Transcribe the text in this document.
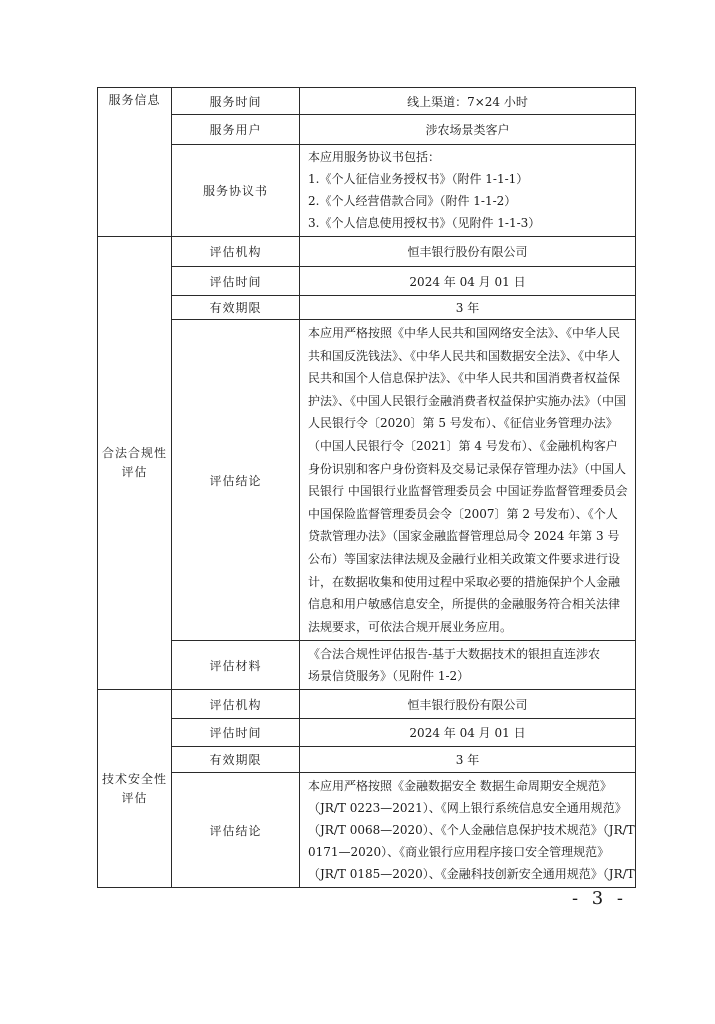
服务信息	服务时间	线上渠道：7×24 小时
	服务用户	涉农场景类客户
	服务协议书	本应用服务协议书包括：
1.《个人征信业务授权书》（附件 1-1-1）
2.《个人经营借款合同》（附件 1-1-2）
3.《个人信息使用授权书》（见附件 1-1-3）

合法合规性评估	评估机构	恒丰银行股份有限公司
	评估时间	2024 年 04 月 01 日
	有效期限	3 年
	评估结论	本应用严格按照《中华人民共和国网络安全法》、《中华人民共和国反洗钱法》、《中华人民共和国数据安全法》、《中华人民共和国个人信息保护法》、《中华人民共和国消费者权益保护法》、《中国人民银行金融消费者权益保护实施办法》（中国人民银行令〔2020〕第 5 号发布）、《征信业务管理办法》（中国人民银行令〔2021〕第 4 号发布）、《金融机构客户身份识别和客户身份资料及交易记录保存管理办法》（中国人民银行 中国银行业监督管理委员会 中国证券监督管理委员会 中国保险监督管理委员会令〔2007〕第 2 号发布）、《个人贷款管理办法》（国家金融监督管理总局令 2024 年第 3 号公布）等国家法律法规及金融行业相关政策文件要求进行设计，在数据收集和使用过程中采取必要的措施保护个人金融信息和用户敏感信息安全，所提供的金融服务符合相关法律法规要求，可依法合规开展业务应用。
	评估材料	《合法合规性评估报告-基于大数据技术的银担直连涉农
场景信贷服务》（见附件 1-2）

技术安全性评估	评估机构	恒丰银行股份有限公司
	评估时间	2024 年 04 月 01 日
	有效期限	3 年
	评估结论	本应用严格按照《金融数据安全 数据生命周期安全规范》
（JR/T 0223—2021）、《网上银行系统信息安全通用规范》
（JR/T 0068—2020）、《个人金融信息保护技术规范》（JR/T
0171—2020）、《商业银行应用程序接口安全管理规范》
（JR/T 0185—2020）、《金融科技创新安全通用规范》（JR/T
- 3 -
